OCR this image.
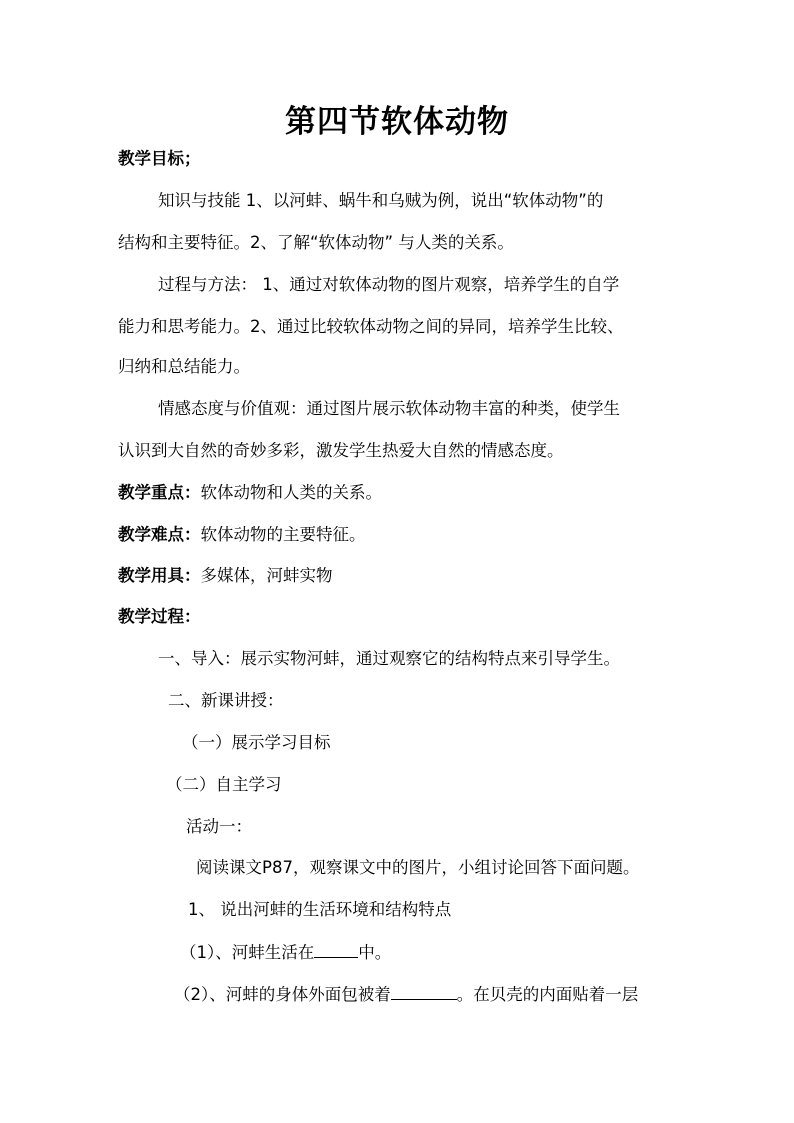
第四节软体动物
教学目标；
知识与技能 1、以河蚌、蜗牛和乌贼为例，说出“软体动物”的
结构和主要特征。2、了解“软体动物” 与人类的关系。
过程与方法： 1、通过对软体动物的图片观察，培养学生的自学
能力和思考能力。2、通过比较软体动物之间的异同，培养学生比较、
归纳和总结能力。
情感态度与价值观：通过图片展示软体动物丰富的种类，使学生
认识到大自然的奇妙多彩，激发学生热爱大自然的情感态度。
教学重点：软体动物和人类的关系。
教学难点：软体动物的主要特征。
教学用具：多媒体，河蚌实物
教学过程：
一、导入：展示实物河蚌，通过观察它的结构特点来引导学生。
二、新课讲授：
（一）展示学习目标
（二）自主学习
活动一：
阅读课文P87，观察课文中的图片，小组讨论回答下面问题。
1、 说出河蚌的生活环境和结构特点
（1）、河蚌生活在	中。
（2）、河蚌的身体外面包被着	。在贝壳的内面贴着一层
